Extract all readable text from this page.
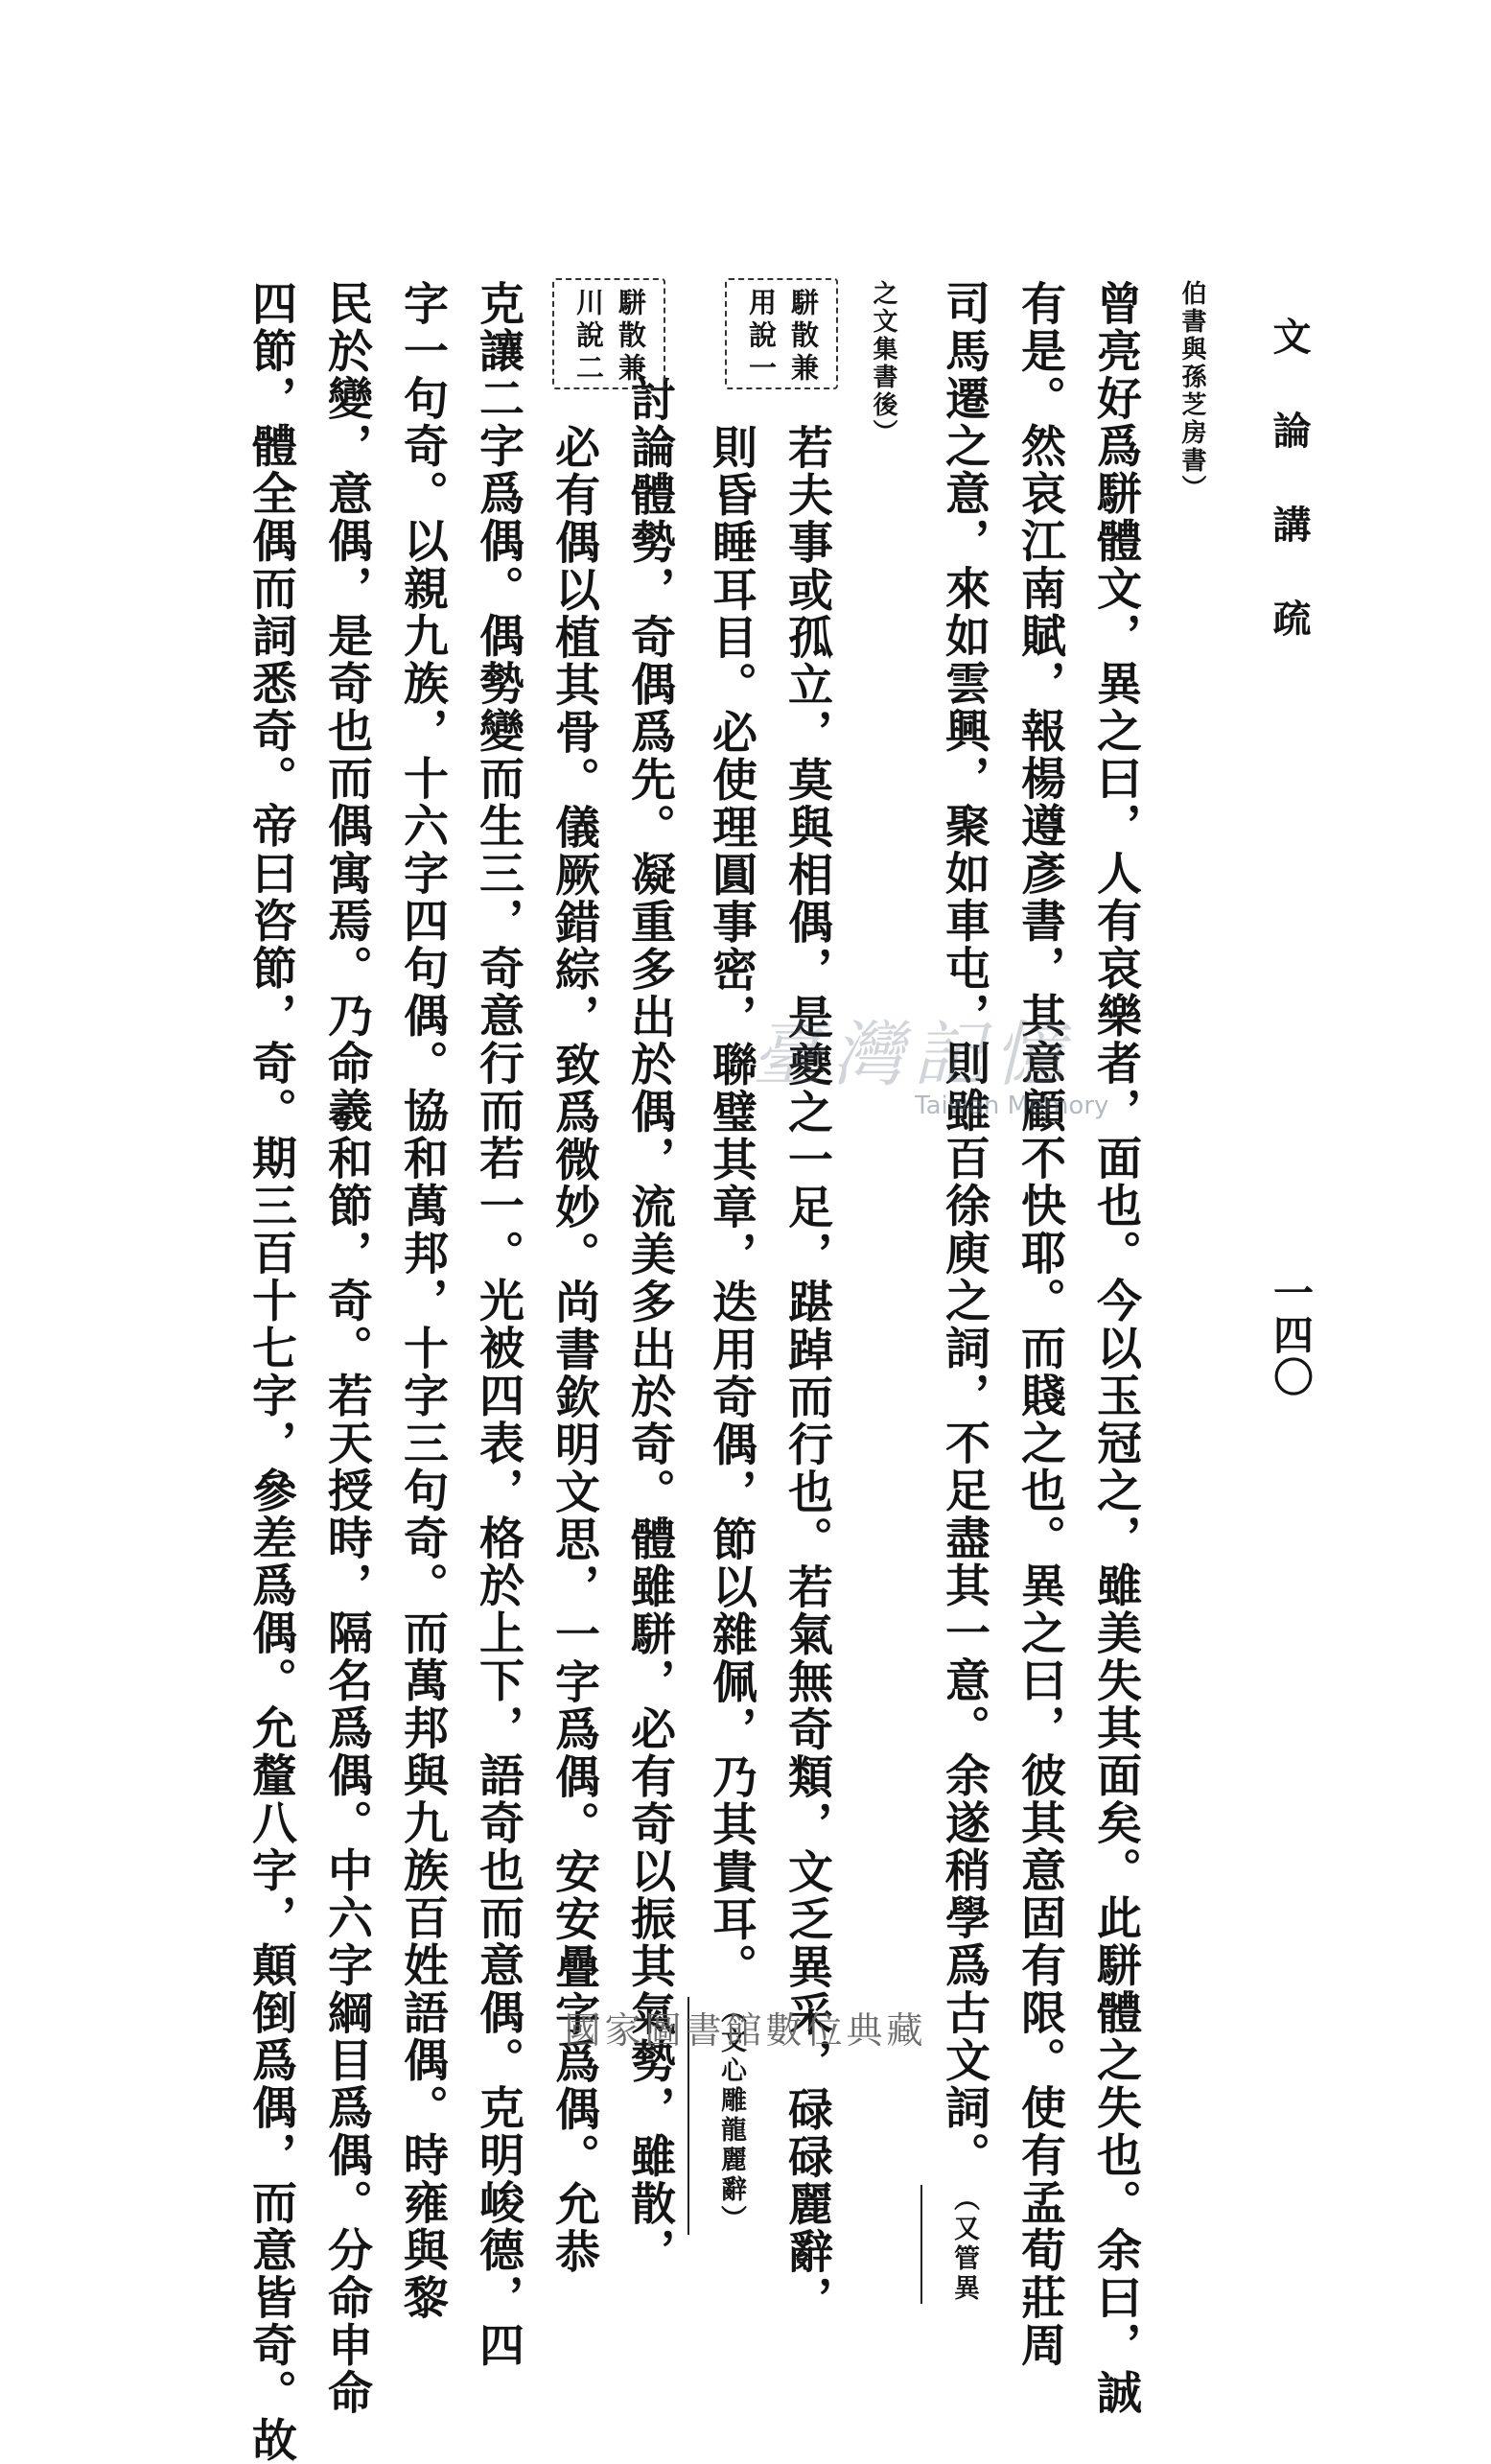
文論講疏
一四〇
伯書與孫芝房書）
曾亮好爲駢體文，異之曰，人有哀樂者，面也。今以玉冠之，雖美失其面矣。此駢體之失也。余曰，誠
有是。然哀江南賦，報楊遵彥書，其意顧不快耶。而賤之也。異之曰，彼其意固有限。使有孟荀莊周
司馬遷之意，來如雲興，聚如車屯，則雖百徐庾之詞，不足盡其一意。余遂稍學爲古文詞。（又管異
之文集書後）
若夫事或孤立，莫與相偶，是夔之一足，踸踔而行也。若氣無奇類，文乏異采，碌碌麗辭，
則昏睡耳目。必使理圓事密，聯璧其章，迭用奇偶，節以雜佩，乃其貴耳。（文心雕龍麗辭）
討論體勢，奇偶爲先。凝重多出於偶，流美多出於奇。體雖駢，必有奇以振其氣勢，雖散，
必有偶以植其骨。儀厥錯綜，致爲微妙。尚書欽明文思，一字爲偶。安安疊字爲偶。允恭
克讓二字爲偶。偶勢變而生三，奇意行而若一。光被四表，格於上下，語奇也而意偶。克明峻德，四
字一句奇。以親九族，十六字四句偶。協和萬邦，十字三句奇。而萬邦與九族百姓語偶。時雍與黎
民於變，意偶，是奇也而偶寓焉。乃命羲和節，奇。若天授時，隔名爲偶。中六字綱目爲偶。分命申命
四節，體全偶而詞悉奇。帝曰咨節，奇。期三百十七字，參差爲偶。允釐八字，顛倒爲偶，而意皆奇。故	駢散兼
用說一
駢散兼
川說二
臺灣記憶
Taiwan Memory
國家圖書館數位典藏
